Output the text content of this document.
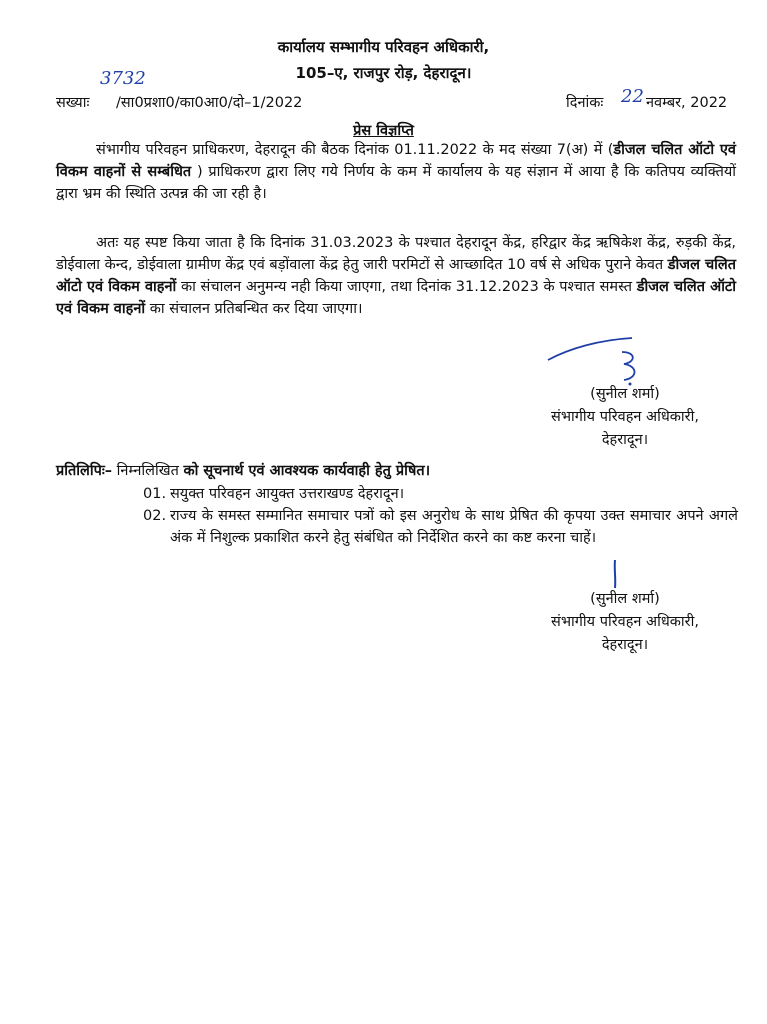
कार्यालय सम्भागीय परिवहन अधिकारी,
105–ए, राजपुर रोड़, देहरादून।
3732
सख्याः /सा0प्रशा0/का0आ0/दो–1/2022	दिनांकः 22 नवम्बर, 2022
प्रेस विज्ञप्ति
संभागीय परिवहन प्राधिकरण, देहरादून की बैठक दिनांक 01.11.2022 के मद संख्या 7(अ) में (डीजल चलित ऑटो एवं विकम वाहनों से सम्बंधित ) प्राधिकरण द्वारा लिए गये निर्णय के कम में कार्यालय के यह संज्ञान में आया है कि कतिपय व्यक्तियों द्वारा भ्रम की स्थिति उत्पन्न की जा रही है।
अतः यह स्पष्ट किया जाता है कि दिनांक 31.03.2023 के पश्चात देहरादून केंद्र, हरिद्वार केंद्र ऋषिकेश केंद्र, रुड़की केंद्र, डोईवाला केन्द, डोईवाला ग्रामीण केंद्र एवं बड़ोंवाला केंद्र हेतु जारी परमिटों से आच्छादित 10 वर्ष से अधिक पुराने केवत डीजल चलित ऑटो एवं विकम वाहनों का संचालन अनुमन्य नही किया जाएगा, तथा दिनांक 31.12.2023 के पश्चात समस्त डीजल चलित ऑटो एवं विकम वाहनों का संचालन प्रतिबन्धित कर दिया जाएगा।
(सुनील शर्मा)
संभागीय परिवहन अधिकारी,
देहरादून।
प्रतिलिपिः– निम्नलिखित को सूचनार्थ एवं आवश्यक कार्यवाही हेतु प्रेषित।
01. सयुक्त परिवहन आयुक्त उत्तराखण्ड देहरादून।
02. राज्य के समस्त सम्मानित समाचार पत्रों को इस अनुरोध के साथ प्रेषित की कृपया उक्त समाचार अपने अगले अंक में निशुल्क प्रकाशित करने हेतु संबंधित को निर्देशित करने का कष्ट करना चाहें।
(सुनील शर्मा)
संभागीय परिवहन अधिकारी,
देहरादून।
